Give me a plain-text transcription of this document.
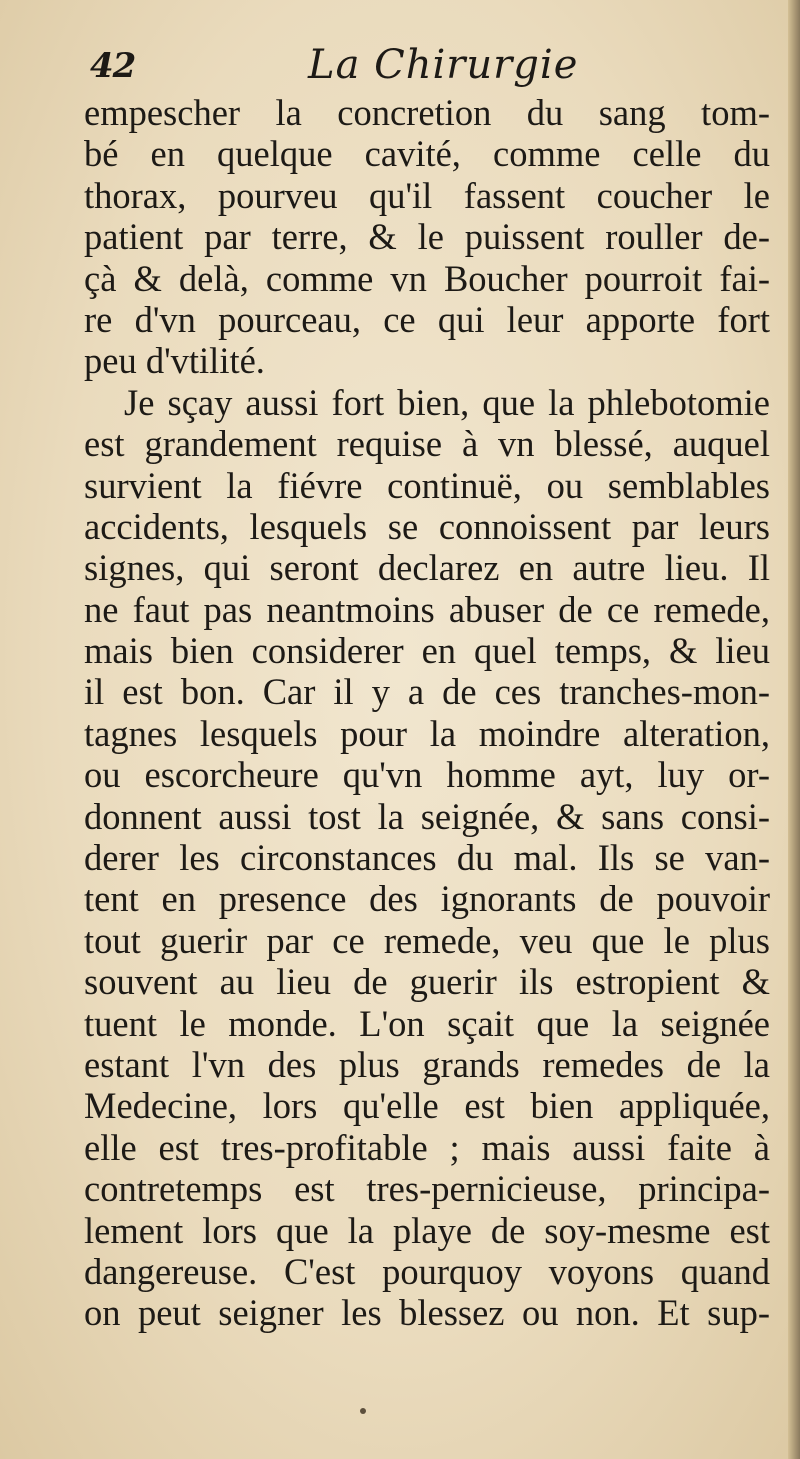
42	La Chirurgie
empescher la concretion du sang tom-
bé en quelque cavité, comme celle du
thorax, pourveu qu'il fassent coucher le
patient par terre, & le puissent rouller de-
çà & delà, comme vn Boucher pourroit fai-
re d'vn pourceau, ce qui leur apporte fort
peu d'vtilité.
Je sçay aussi fort bien, que la phlebotomie
est grandement requise à vn blessé, auquel
survient la fiévre continuë, ou semblables
accidents, lesquels se connoissent par leurs
signes, qui seront declarez en autre lieu. Il
ne faut pas neantmoins abuser de ce remede,
mais bien considerer en quel temps, & lieu
il est bon. Car il y a de ces tranches-mon-
tagnes lesquels pour la moindre alteration,
ou escorcheure qu'vn homme ayt, luy or-
donnent aussi tost la seignée, & sans consi-
derer les circonstances du mal. Ils se van-
tent en presence des ignorants de pouvoir
tout guerir par ce remede, veu que le plus
souvent au lieu de guerir ils estropient &
tuent le monde. L'on sçait que la seignée
estant l'vn des plus grands remedes de la
Medecine, lors qu'elle est bien appliquée,
elle est tres-profitable ; mais aussi faite à
contretemps est tres-pernicieuse, principa-
lement lors que la playe de soy-mesme est
dangereuse. C'est pourquoy voyons quand
on peut seigner les blessez ou non. Et sup-
